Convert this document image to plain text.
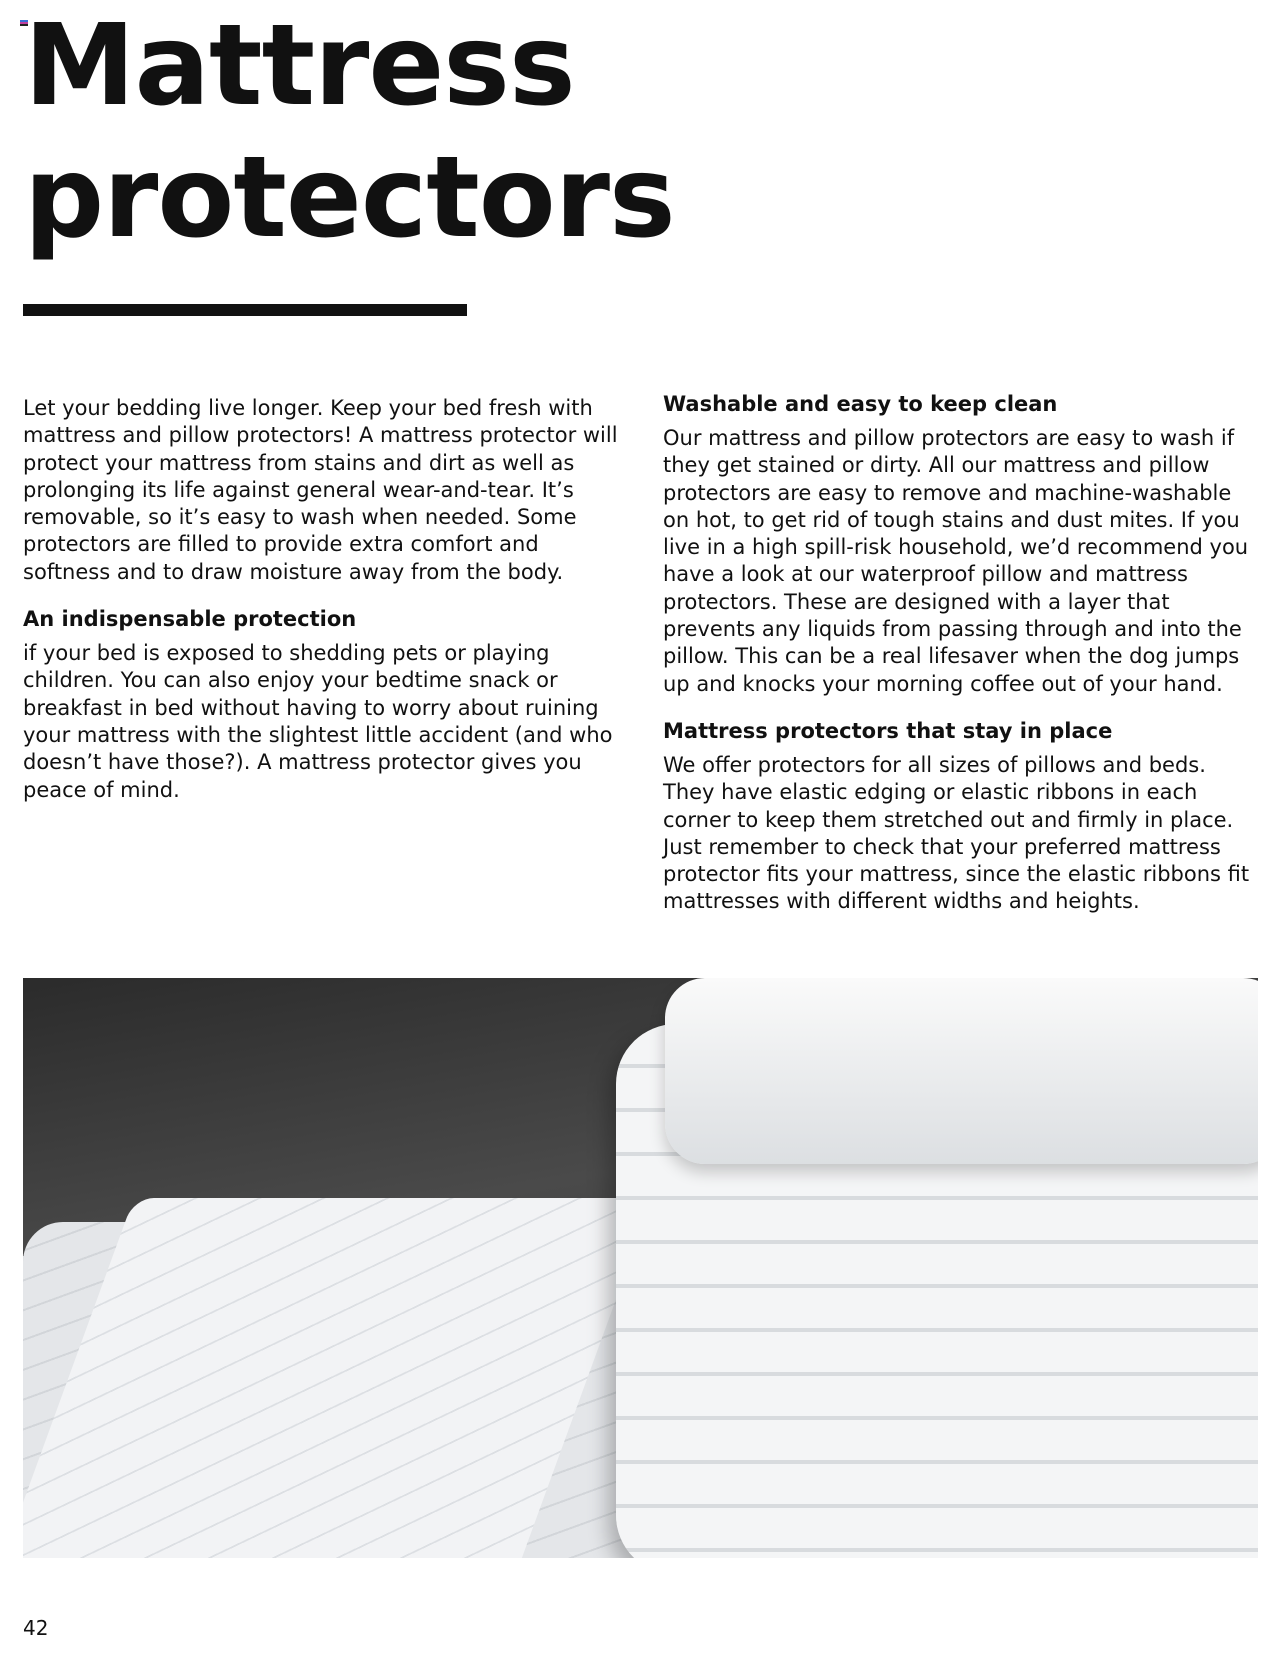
Mattress
protectors

Let your bedding live longer. Keep your bed fresh with mattress and pillow protectors! A mattress protector will protect your mattress from stains and dirt as well as prolonging its life against general wear-and-tear. It’s removable, so it’s easy to wash when needed. Some protectors are filled to provide extra comfort and softness and to draw moisture away from the body.

An indispensable protection

if your bed is exposed to shedding pets or playing children. You can also enjoy your bedtime snack or breakfast in bed without having to worry about ruining your mattress with the slightest little accident (and who doesn’t have those?). A mattress protector gives you peace of mind.

Washable and easy to keep clean

Our mattress and pillow protectors are easy to wash if they get stained or dirty. All our mattress and pillow protectors are easy to remove and machine-washable on hot, to get rid of tough stains and dust mites. If you live in a high spill-risk household, we’d recommend you have a look at our waterproof pillow and mattress protectors. These are designed with a layer that prevents any liquids from passing through and into the pillow. This can be a real lifesaver when the dog jumps up and knocks your morning coffee out of your hand.

Mattress protectors that stay in place

We offer protectors for all sizes of pillows and beds. They have elastic edging or elastic ribbons in each corner to keep them stretched out and firmly in place. Just remember to check that your preferred mattress protector fits your mattress, since the elastic ribbons fit mattresses with different widths and heights.

42
